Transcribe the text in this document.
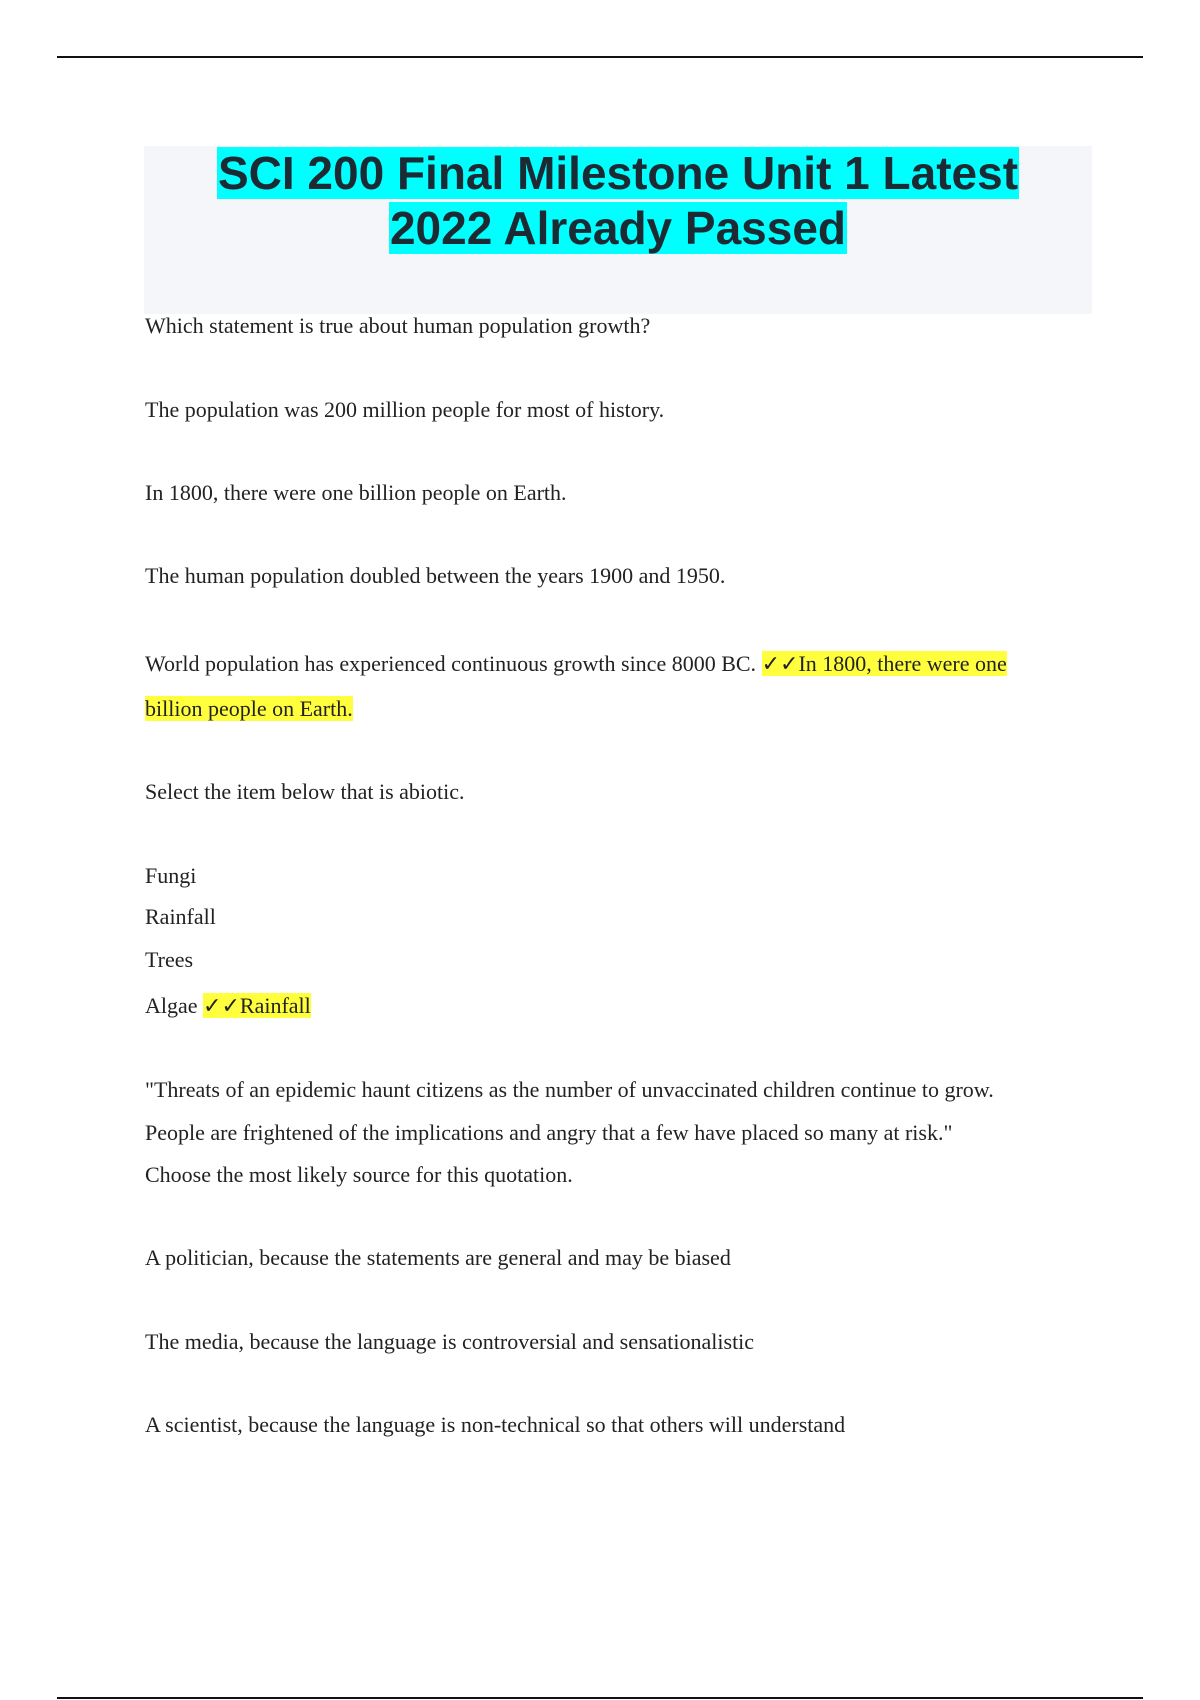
SCI 200 Final Milestone Unit 1 Latest
2022 Already Passed

Which statement is true about human population growth?

The population was 200 million people for most of history.

In 1800, there were one billion people on Earth.

The human population doubled between the years 1900 and 1950.

World population has experienced continuous growth since 8000 BC. ✓✓In 1800, there were one

billion people on Earth.

Select the item below that is abiotic.

Fungi

Rainfall

Trees

Algae ✓✓Rainfall

"Threats of an epidemic haunt citizens as the number of unvaccinated children continue to grow.

People are frightened of the implications and angry that a few have placed so many at risk."

Choose the most likely source for this quotation.

A politician, because the statements are general and may be biased

The media, because the language is controversial and sensationalistic

A scientist, because the language is non-technical so that others will understand
